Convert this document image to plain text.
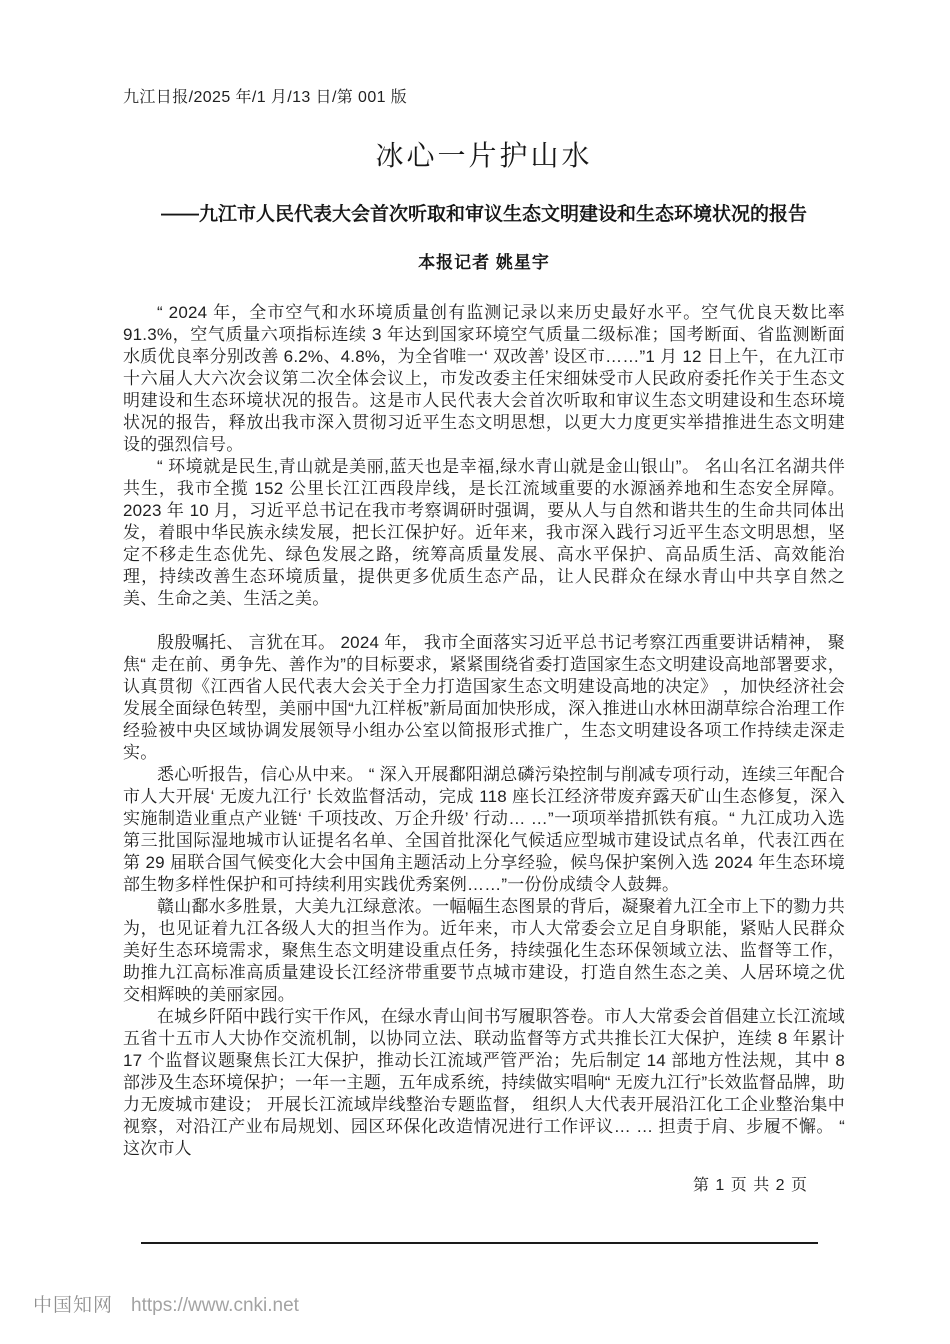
九江日报/2025 年/1 月/13 日/第 001 版
冰心一片护山水
——九江市人民代表大会首次听取和审议生态文明建设和生态环境状况的报告
本报记者 姚星宇

“ 2024 年，全市空气和水环境质量创有监测记录以来历史最好水平。空气优良天数比率 91.3%，空气质量六项指标连续 3 年达到国家环境空气质量二级标准；国考断面、省监测断面水质优良率分别改善 6.2%、4.8%，为全省唯一‘ 双改善’ 设区市……”1 月 12 日上午，在九江市十六届人大六次会议第二次全体会议上，市发改委主任宋细妹受市人民政府委托作关于生态文明建设和生态环境状况的报告。这是市人民代表大会首次听取和审议生态文明建设和生态环境状况的报告，释放出我市深入贯彻习近平生态文明思想，以更大力度更实举措推进生态文明建设的强烈信号。

“ 环境就是民生,青山就是美丽,蓝天也是幸福,绿水青山就是金山银山”。 名山名江名湖共伴共生，我市全揽 152 公里长江江西段岸线，是长江流域重要的水源涵养地和生态安全屏障。2023 年 10 月，习近平总书记在我市考察调研时强调，要从人与自然和谐共生的生命共同体出发，着眼中华民族永续发展，把长江保护好。近年来，我市深入践行习近平生态文明思想，坚定不移走生态优先、绿色发展之路，统筹高质量发展、高水平保护、高品质生活、高效能治理，持续改善生态环境质量，提供更多优质生态产品，让人民群众在绿水青山中共享自然之美、生命之美、生活之美。

殷殷嘱托、 言犹在耳。 2024 年， 我市全面落实习近平总书记考察江西重要讲话精神， 聚焦“ 走在前、勇争先、善作为”的目标要求，紧紧围绕省委打造国家生态文明建设高地部署要求，认真贯彻《江西省人民代表大会关于全力打造国家生态文明建设高地的决定》 ，加快经济社会发展全面绿色转型，美丽中国“九江样板”新局面加快形成，深入推进山水林田湖草综合治理工作经验被中央区域协调发展领导小组办公室以简报形式推广，生态文明建设各项工作持续走深走实。

悉心听报告，信心从中来。 “ 深入开展鄱阳湖总磷污染控制与削减专项行动，连续三年配合市人大开展‘ 无废九江行’ 长效监督活动，完成 118 座长江经济带废弃露天矿山生态修复，深入实施制造业重点产业链‘ 千项技改、万企升级’ 行动… …”一项项举措抓铁有痕。“ 九江成功入选第三批国际湿地城市认证提名名单、全国首批深化气候适应型城市建设试点名单，代表江西在第 29 届联合国气候变化大会中国角主题活动上分享经验，候鸟保护案例入选 2024 年生态环境部生物多样性保护和可持续利用实践优秀案例……”一份份成绩令人鼓舞。

赣山鄱水多胜景，大美九江绿意浓。一幅幅生态图景的背后，凝聚着九江全市上下的勠力共为，也见证着九江各级人大的担当作为。近年来，市人大常委会立足自身职能，紧贴人民群众美好生态环境需求，聚焦生态文明建设重点任务，持续强化生态环保领域立法、监督等工作，助推九江高标准高质量建设长江经济带重要节点城市建设，打造自然生态之美、人居环境之优交相辉映的美丽家园。

在城乡阡陌中践行实干作风，在绿水青山间书写履职答卷。市人大常委会首倡建立长江流域五省十五市人大协作交流机制，以协同立法、联动监督等方式共推长江大保护，连续 8 年累计 17 个监督议题聚焦长江大保护，推动长江流域严管严治；先后制定 14 部地方性法规，其中 8 部涉及生态环境保护；一年一主题，五年成系统，持续做实唱响“ 无废九江行”长效监督品牌，助力无废城市建设； 开展长江流域岸线整治专题监督， 组织人大代表开展沿江化工企业整治集中视察，对沿江产业布局规划、园区环保化改造情况进行工作评议… … 担责于肩、步履不懈。 “ 这次市人

第 1 页 共 2 页
中国知网 https://www.cnki.net
